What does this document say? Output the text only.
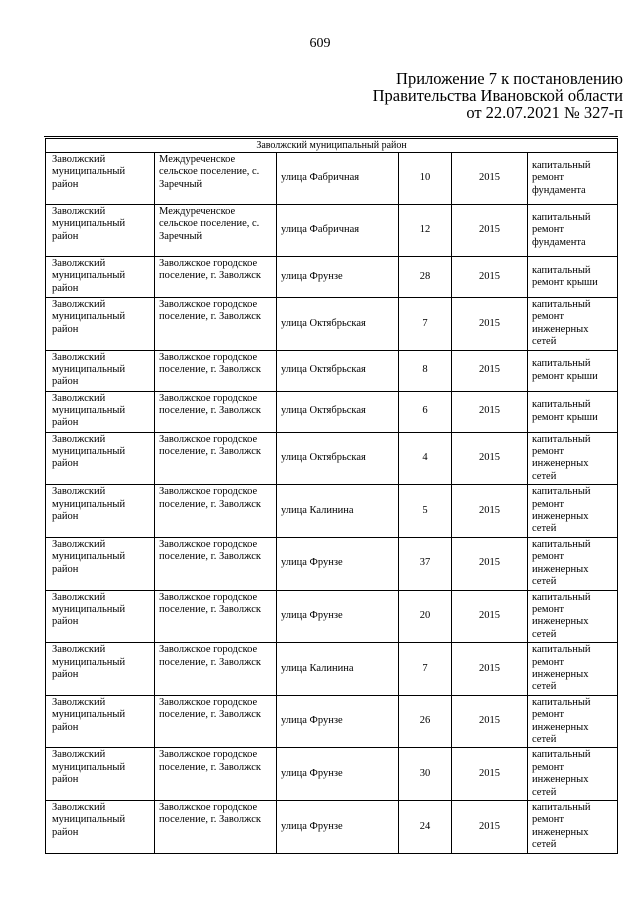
609
Приложение 7 к постановлению
Правительства Ивановской области
от 22.07.2021 № 327-п
Заволжский муниципальный район					
Заволжский муниципальный район	Междуреченское сельское поселение, с. Заречный	улица Фабричная	10	2015	капитальный ремонт фундамента
Заволжский муниципальный район	Междуреченское сельское поселение, с. Заречный	улица Фабричная	12	2015	капитальный ремонт фундамента
Заволжский муниципальный район	Заволжское городское поселение, г. Заволжск	улица Фрунзе	28	2015	капитальный ремонт крыши
Заволжский муниципальный район	Заволжское городское поселение, г. Заволжск	улица Октябрьская	7	2015	капитальный ремонт инженерных сетей
Заволжский муниципальный район	Заволжское городское поселение, г. Заволжск	улица Октябрьская	8	2015	капитальный ремонт крыши
Заволжский муниципальный район	Заволжское городское поселение, г. Заволжск	улица Октябрьская	6	2015	капитальный ремонт крыши
Заволжский муниципальный район	Заволжское городское поселение, г. Заволжск	улица Октябрьская	4	2015	капитальный ремонт инженерных сетей
Заволжский муниципальный район	Заволжское городское поселение, г. Заволжск	улица Калинина	5	2015	капитальный ремонт инженерных сетей
Заволжский муниципальный район	Заволжское городское поселение, г. Заволжск	улица Фрунзе	37	2015	капитальный ремонт инженерных сетей
Заволжский муниципальный район	Заволжское городское поселение, г. Заволжск	улица Фрунзе	20	2015	капитальный ремонт инженерных сетей
Заволжский муниципальный район	Заволжское городское поселение, г. Заволжск	улица Калинина	7	2015	капитальный ремонт инженерных сетей
Заволжский муниципальный район	Заволжское городское поселение, г. Заволжск	улица Фрунзе	26	2015	капитальный ремонт инженерных сетей
Заволжский муниципальный район	Заволжское городское поселение, г. Заволжск	улица Фрунзе	30	2015	капитальный ремонт инженерных сетей
Заволжский муниципальный район	Заволжское городское поселение, г. Заволжск	улица Фрунзе	24	2015	капитальный ремонт инженерных сетей
